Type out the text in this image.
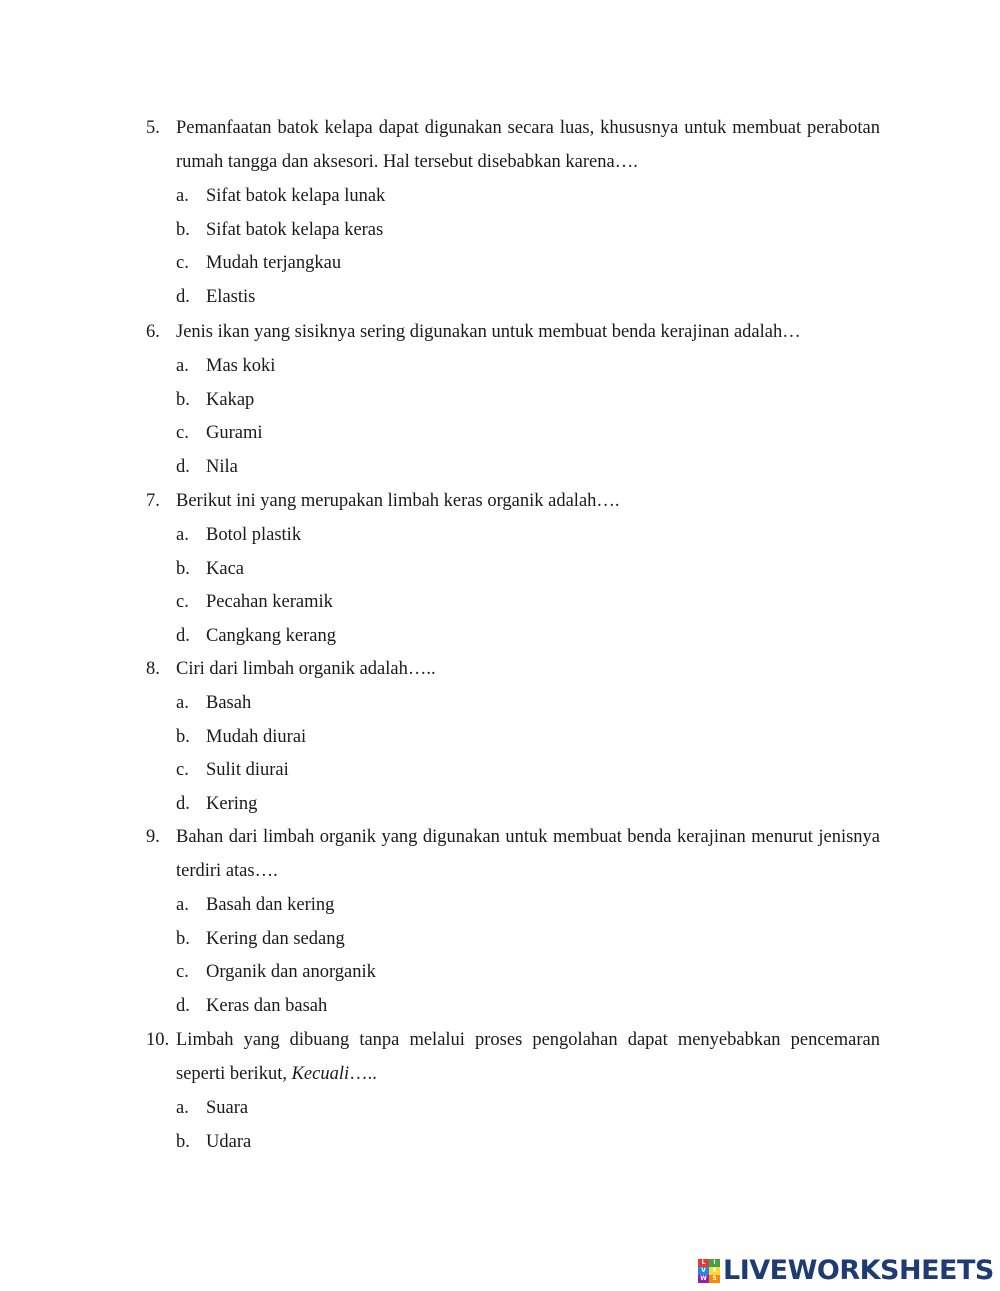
5. Pemanfaatan batok kelapa dapat digunakan secara luas, khususnya untuk membuat perabotan rumah tangga dan aksesori. Hal tersebut disebabkan karena….
a. Sifat batok kelapa lunak
b. Sifat batok kelapa keras
c. Mudah terjangkau
d. Elastis
6. Jenis ikan yang sisiknya sering digunakan untuk membuat benda kerajinan adalah…
a. Mas koki
b. Kakap
c. Gurami
d. Nila
7. Berikut ini yang merupakan limbah keras organik adalah….
a. Botol plastik
b. Kaca
c. Pecahan keramik
d. Cangkang kerang
8. Ciri dari limbah organik adalah…..
a. Basah
b. Mudah diurai
c. Sulit diurai
d. Kering
9. Bahan dari limbah organik yang digunakan untuk membuat benda kerajinan menurut jenisnya terdiri atas….
a. Basah dan kering
b. Kering dan sedang
c. Organik dan anorganik
d. Keras dan basah
10. Limbah yang dibuang tanpa melalui proses pengolahan dapat menyebabkan pencemaran seperti berikut, Kecuali…..
a. Suara
b. Udara
L	I
V	E
W S LIVEWORKSHEETS
